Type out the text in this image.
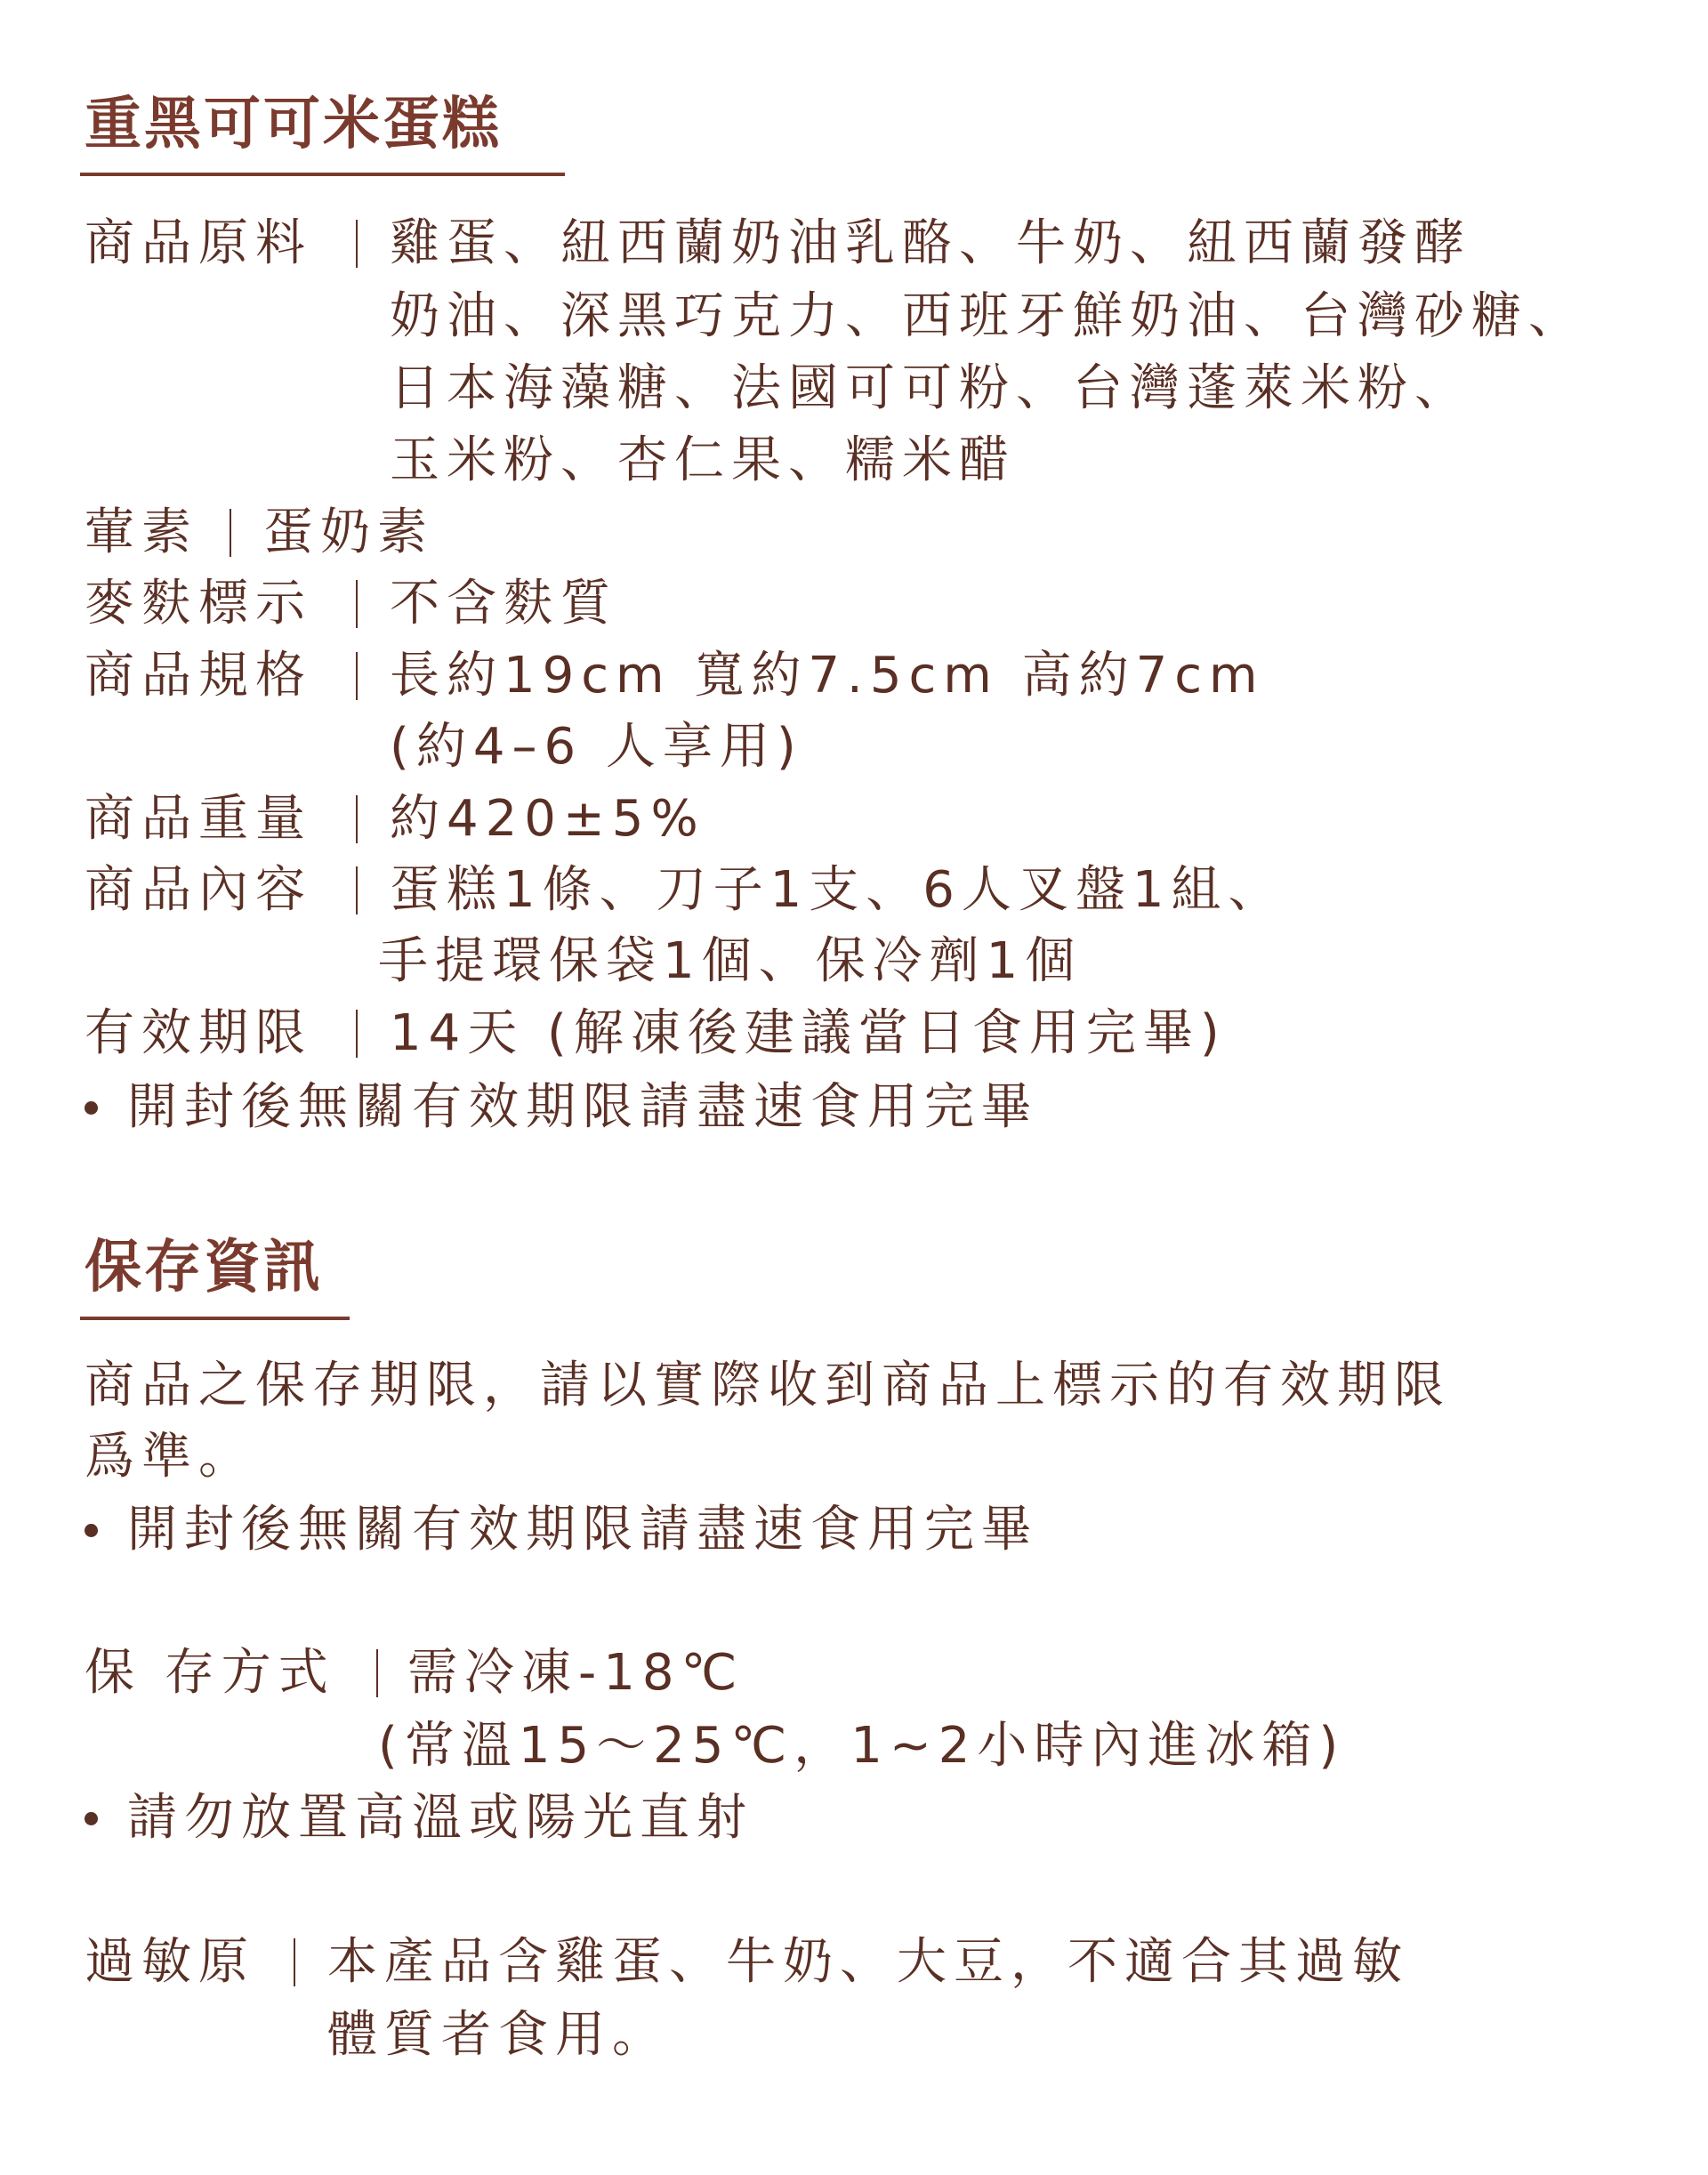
重黑可可米蛋糕
商品原料 雞蛋、紐西蘭奶油乳酪、牛奶、紐西蘭發酵
奶油、深黑巧克力、西班牙鮮奶油、台灣砂糖、
日本海藻糖、法國可可粉、台灣蓬萊米粉、
玉米粉、杏仁果、糯米醋
葷素 蛋奶素
麥麩標示 不含麩質
商品規格 長約19cm 寬約7.5cm 高約7cm
(約4–6 人享用)
商品重量 約420±5%
商品內容 蛋糕1條、刀子1支、6人叉盤1組、
手提環保袋1個、保冷劑1個
有效期限 14天 (解凍後建議當日食用完畢)
開封後無關有效期限請盡速食用完畢
保存資訊
商品之保存期限，請以實際收到商品上標示的有效期限
爲準。
開封後無關有效期限請盡速食用完畢
保 存方式 需冷凍-18℃
(常溫15～25℃，1~2小時內進冰箱)
請勿放置高溫或陽光直射
過敏原 本產品含雞蛋、牛奶、大豆，不適合其過敏
體質者食用。
